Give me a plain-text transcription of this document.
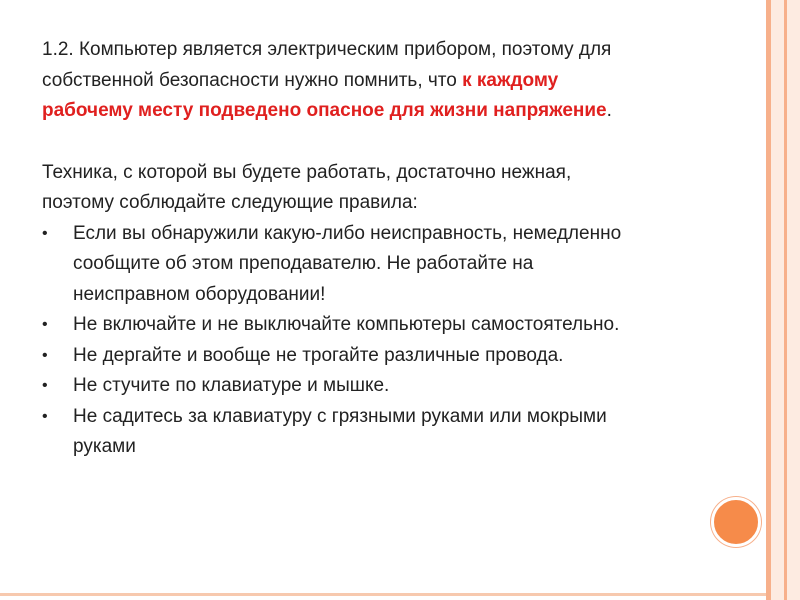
1.2. Компьютер является электрическим прибором, поэтому для собственной безопасности нужно помнить, что к каждому рабочему месту подведено опасное для жизни напряжение.

Техника, с которой вы будете работать, достаточно нежная, поэтому соблюдайте следующие правила:

•	Если вы обнаружили какую-либо неисправность, немедленно сообщите об этом преподавателю. Не работайте на неисправном оборудовании!
•	Не включайте и не выключайте компьютеры самостоятельно.
•	Не дергайте и вообще не трогайте различные провода.
•	Не стучите по клавиатуре и мышке.
•	Не садитесь за клавиатуру с грязными руками или мокрыми руками
